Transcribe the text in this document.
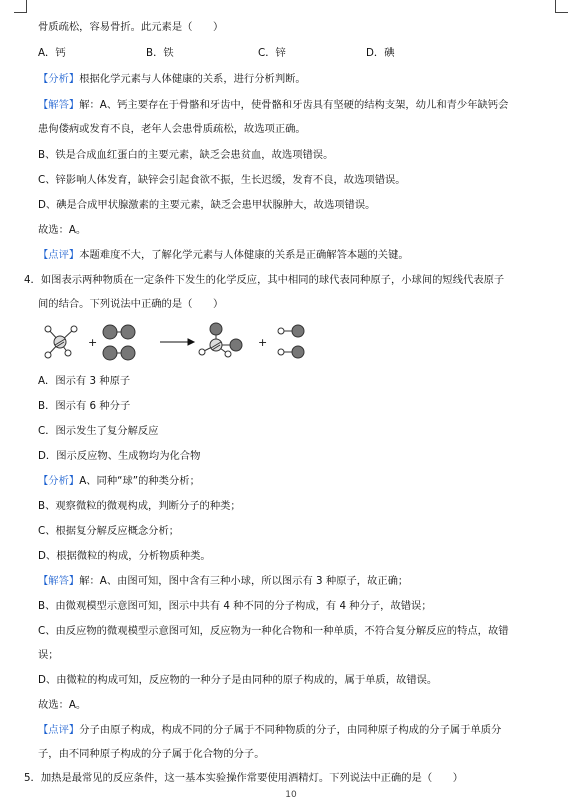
骨质疏松，容易骨折。此元素是（　　）
A．钙	B．铁	C．锌	D．碘
【分析】根据化学元素与人体健康的关系，进行分析判断。
【解答】解：A、钙主要存在于骨骼和牙齿中，使骨骼和牙齿具有坚硬的结构支架，幼儿和青少年缺钙会
患佝偻病或发育不良，老年人会患骨质疏松，故选项正确。
B、铁是合成血红蛋白的主要元素，缺乏会患贫血，故选项错误。
C、锌影响人体发育，缺锌会引起食欲不振，生长迟缓，发育不良，故选项错误。
D、碘是合成甲状腺激素的主要元素，缺乏会患甲状腺肿大，故选项错误。
故选：A。
【点评】本题难度不大，了解化学元素与人体健康的关系是正确解答本题的关键。
4．如图表示两种物质在一定条件下发生的化学反应，其中相同的球代表同种原子，小球间的短线代表原子
间的结合。下列说法中正确的是（　　）
+	+
A．图示有 3 种原子
B．图示有 6 种分子
C．图示发生了复分解反应
D．图示反应物、生成物均为化合物
【分析】A、同种“球”的种类分析；
B、观察微粒的微观构成，判断分子的种类；
C、根据复分解反应概念分析；
D、根据微粒的构成，分析物质种类。
【解答】解：A、由图可知，图中含有三种小球，所以图示有 3 种原子，故正确；
B、由微观模型示意图可知，图示中共有 4 种不同的分子构成，有 4 种分子，故错误；
C、由反应物的微观模型示意图可知，反应物为一种化合物和一种单质，不符合复分解反应的特点，故错
误；
D、由微粒的构成可知，反应物的一种分子是由同种的原子构成的，属于单质，故错误。
故选：A。
【点评】分子由原子构成，构成不同的分子属于不同种物质的分子，由同种原子构成的分子属于单质分
子，由不同种原子构成的分子属于化合物的分子。
5．加热是最常见的反应条件，这一基本实验操作常要使用酒精灯。下列说法中正确的是（　　）
10
